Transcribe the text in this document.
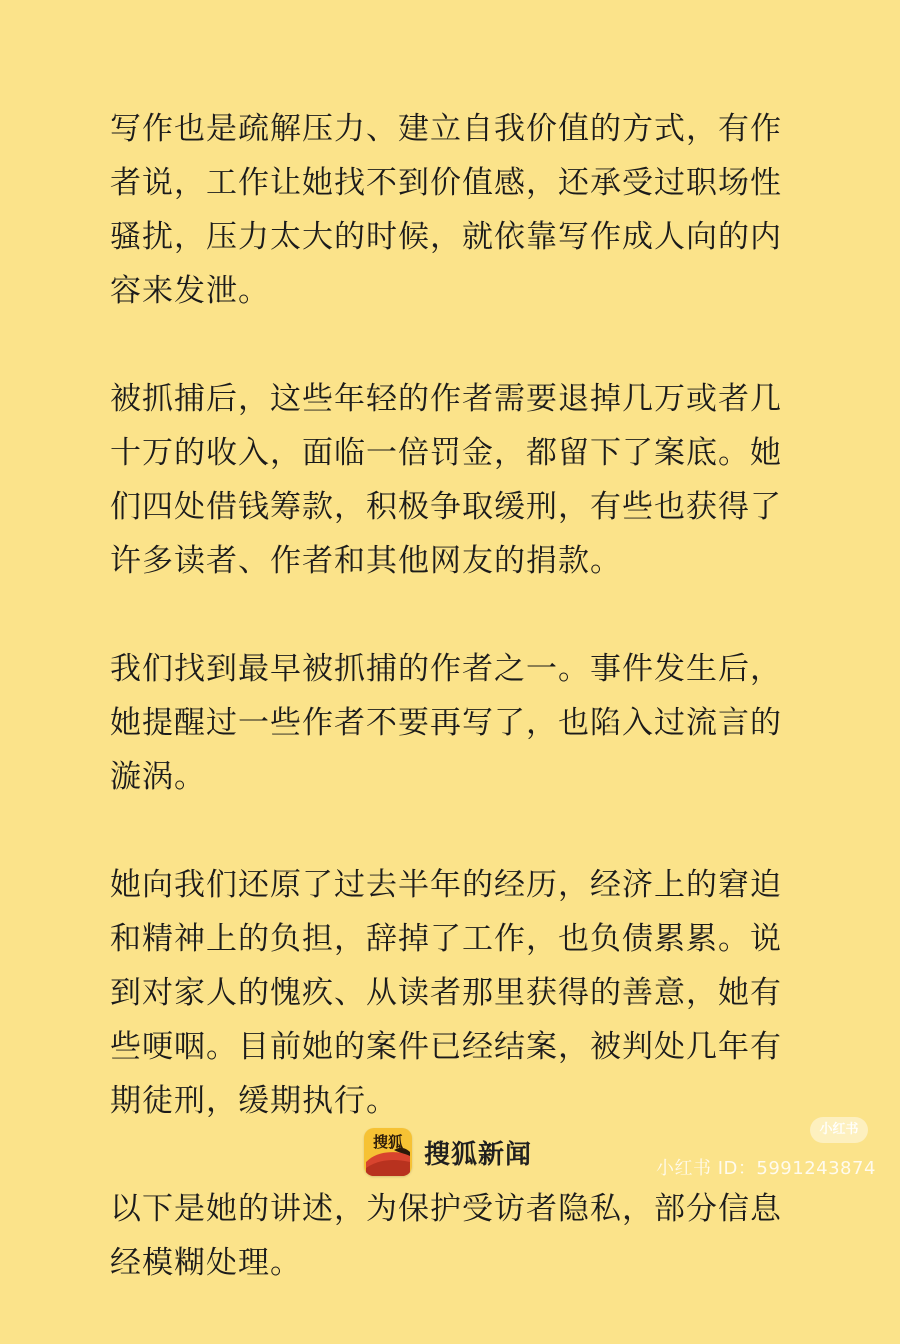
写作也是疏解压力、建立自我价值的方式，有作者说，工作让她找不到价值感，还承受过职场性骚扰，压力太大的时候，就依靠写作成人向的内容来发泄。

被抓捕后，这些年轻的作者需要退掉几万或者几十万的收入，面临一倍罚金，都留下了案底。她们四处借钱筹款，积极争取缓刑，有些也获得了许多读者、作者和其他网友的捐款。

我们找到最早被抓捕的作者之一。事件发生后，她提醒过一些作者不要再写了，也陷入过流言的漩涡。

她向我们还原了过去半年的经历，经济上的窘迫和精神上的负担，辞掉了工作，也负债累累。说到对家人的愧疚、从读者那里获得的善意，她有些哽咽。目前她的案件已经结案，被判处几年有期徒刑，缓期执行。

以下是她的讲述，为保护受访者隐私，部分信息经模糊处理。

搜狐 搜狐新闻
小红书
小红书 ID：5991243874
